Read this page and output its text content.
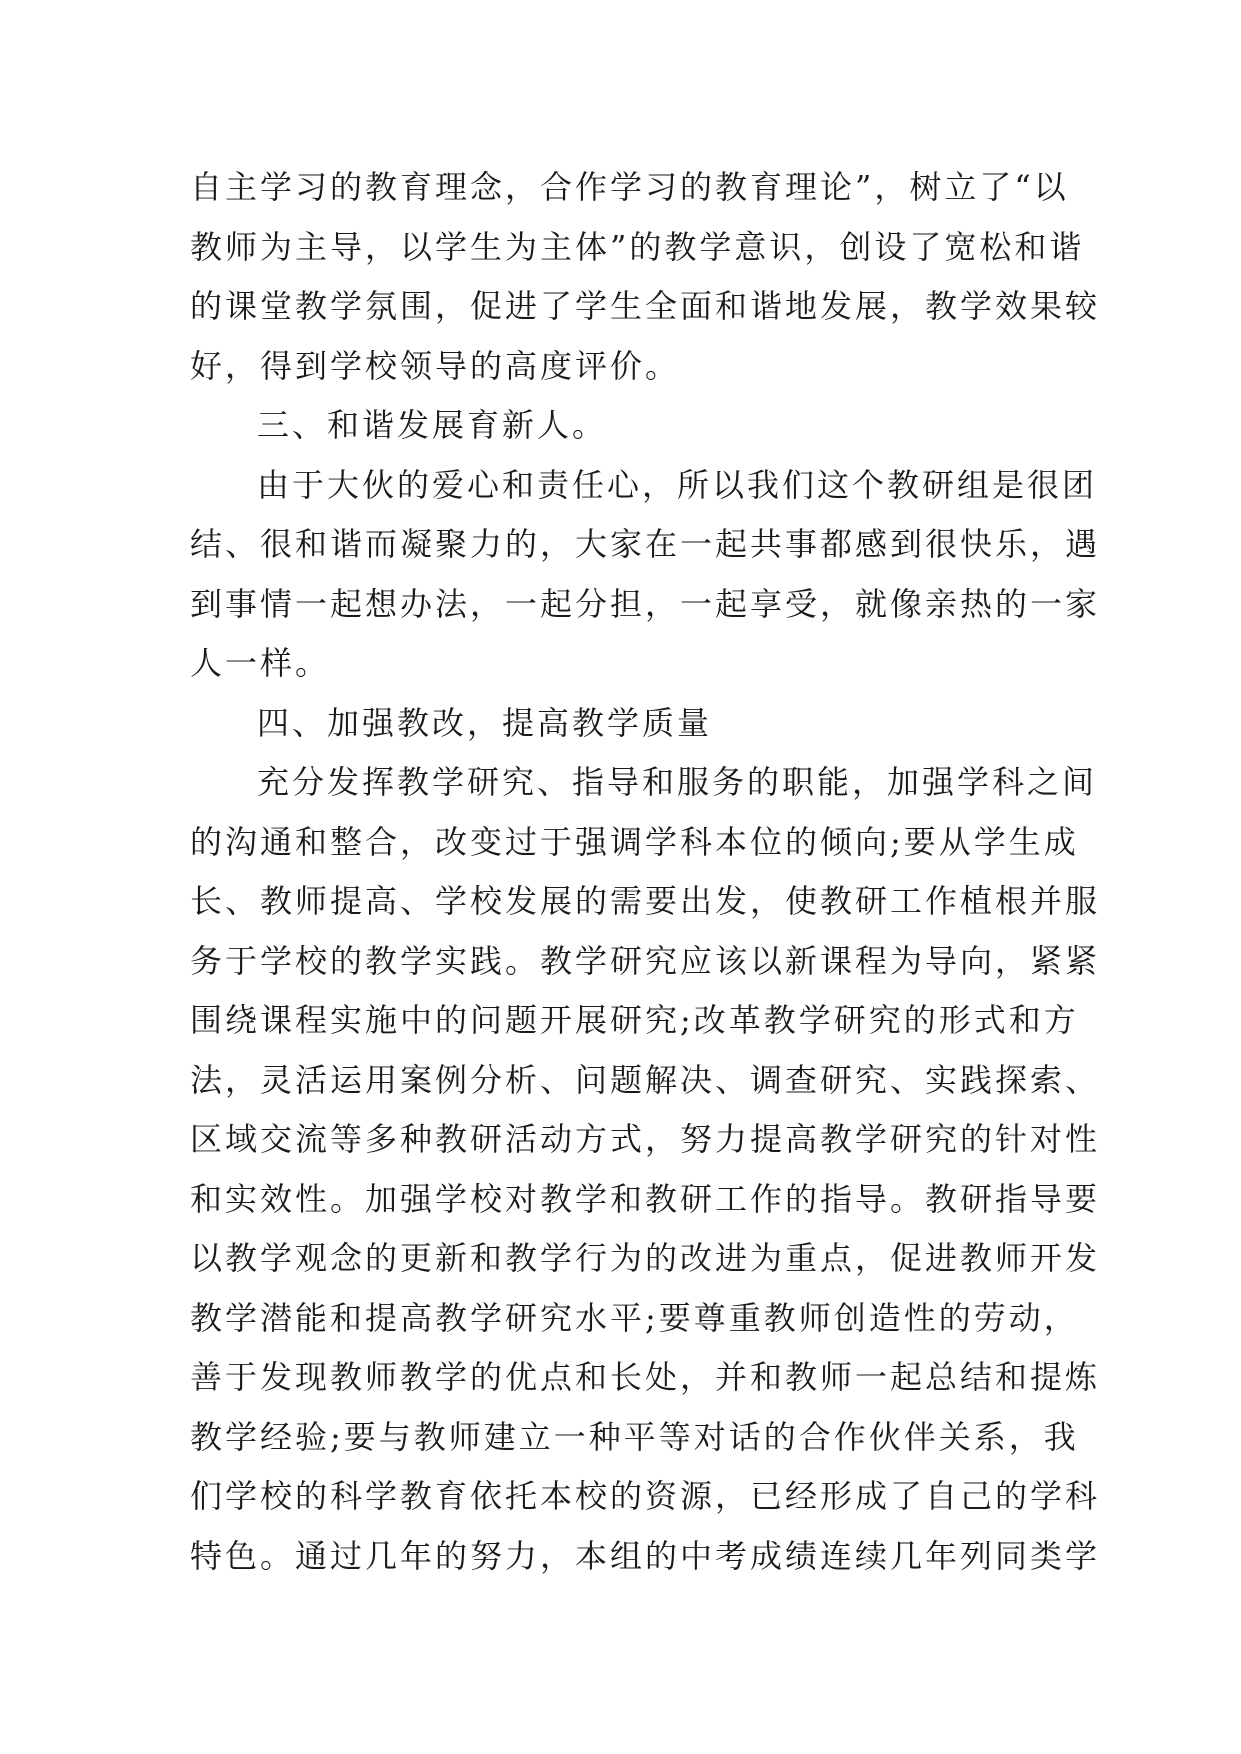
自主学习的教育理念，合作学习的教育理论”，树立了“以
教师为主导，以学生为主体”的教学意识，创设了宽松和谐
的课堂教学氛围，促进了学生全面和谐地发展，教学效果较
好，得到学校领导的高度评价。
三、和谐发展育新人。
由于大伙的爱心和责任心，所以我们这个教研组是很团
结、很和谐而凝聚力的，大家在一起共事都感到很快乐，遇
到事情一起想办法，一起分担，一起享受，就像亲热的一家
人一样。
四、加强教改，提高教学质量
充分发挥教学研究、指导和服务的职能，加强学科之间
的沟通和整合，改变过于强调学科本位的倾向;要从学生成
长、教师提高、学校发展的需要出发，使教研工作植根并服
务于学校的教学实践。教学研究应该以新课程为导向，紧紧
围绕课程实施中的问题开展研究;改革教学研究的形式和方
法，灵活运用案例分析、问题解决、调查研究、实践探索、
区域交流等多种教研活动方式，努力提高教学研究的针对性
和实效性。加强学校对教学和教研工作的指导。教研指导要
以教学观念的更新和教学行为的改进为重点，促进教师开发
教学潜能和提高教学研究水平;要尊重教师创造性的劳动，
善于发现教师教学的优点和长处，并和教师一起总结和提炼
教学经验;要与教师建立一种平等对话的合作伙伴关系，我
们学校的科学教育依托本校的资源，已经形成了自己的学科
特色。通过几年的努力，本组的中考成绩连续几年列同类学
